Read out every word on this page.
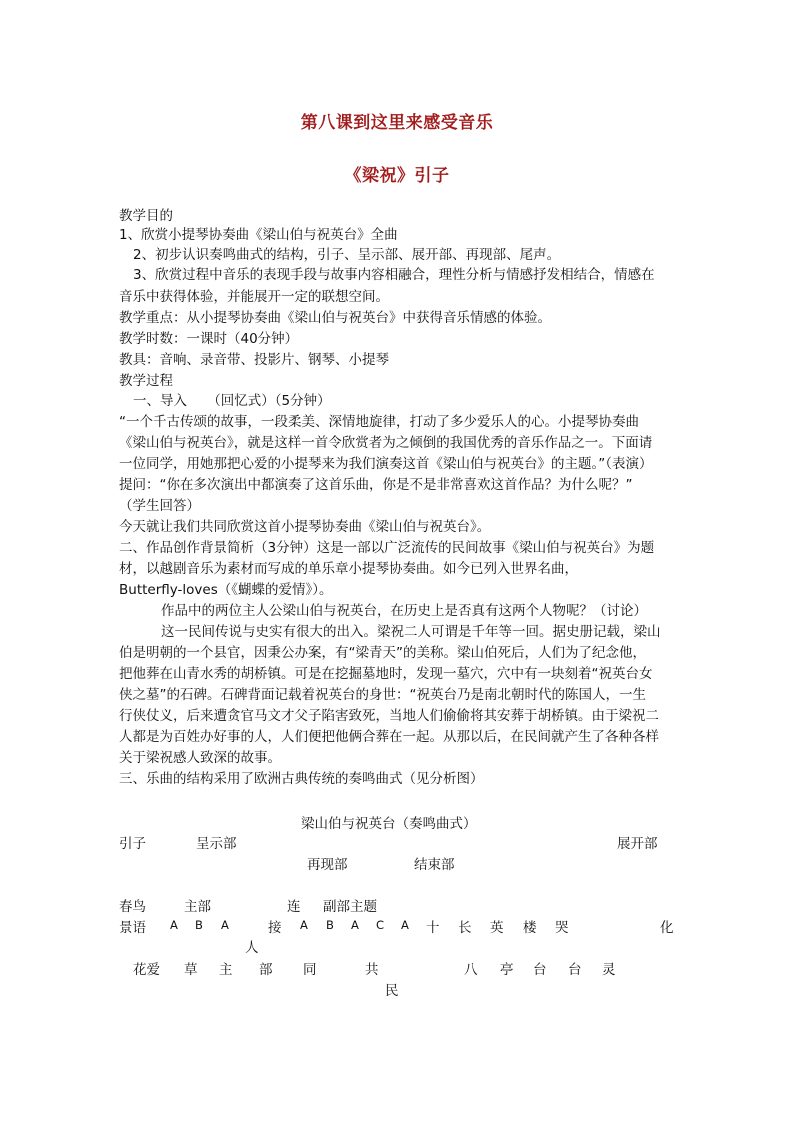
第八课到这里来感受音乐
《梁祝》引子
教学目的
1、欣赏小提琴协奏曲《梁山伯与祝英台》全曲
2、初步认识奏鸣曲式的结构，引子、呈示部、展开部、再现部、尾声。
3、欣赏过程中音乐的表现手段与故事内容相融合，理性分析与情感抒发相结合，情感在
音乐中获得体验，并能展开一定的联想空间。
教学重点：从小提琴协奏曲《梁山伯与祝英台》中获得音乐情感的体验。
教学时数：一课时（40分钟）
教具：音响、录音带、投影片、钢琴、小提琴
教学过程
一、导入　　（回忆式）（5分钟）
“一个千古传颂的故事，一段柔美、深情地旋律，打动了多少爱乐人的心。小提琴协奏曲
《梁山伯与祝英台》，就是这样一首令欣赏者为之倾倒的我国优秀的音乐作品之一。下面请
一位同学，用她那把心爱的小提琴来为我们演奏这首《梁山伯与祝英台》的主题。”（表演）
提问：“你在多次演出中都演奏了这首乐曲，你是不是非常喜欢这首作品？为什么呢？”
（学生回答）
今天就让我们共同欣赏这首小提琴协奏曲《梁山伯与祝英台》。
二、作品创作背景简析（3分钟）这是一部以广泛流传的民间故事《梁山伯与祝英台》为题
材，以越剧音乐为素材而写成的单乐章小提琴协奏曲。如今已列入世界名曲，
Butterfly-loves（《蝴蝶的爱情》）。
作品中的两位主人公梁山伯与祝英台，在历史上是否真有这两个人物呢？（讨论）
这一民间传说与史实有很大的出入。梁祝二人可谓是千年等一回。据史册记载，梁山
伯是明朝的一个县官，因秉公办案，有“梁青天”的美称。梁山伯死后，人们为了纪念他，
把他葬在山青水秀的胡桥镇。可是在挖掘墓地时，发现一墓穴，穴中有一块刻着“祝英台女
侠之墓”的石碑。石碑背面记载着祝英台的身世：“祝英台乃是南北朝时代的陈国人，一生
行侠仗义，后来遭贪官马文才父子陷害致死，当地人们偷偷将其安葬于胡桥镇。由于梁祝二
人都是为百姓办好事的人，人们便把他俩合葬在一起。从那以后，在民间就产生了各种各样
关于梁祝感人致深的故事。
三、乐曲的结构采用了欧洲古典传统的奏鸣曲式（见分析图）
梁山伯与祝英台（奏鸣曲式）
引子	呈示部	展开部
再现部	结束部
春鸟	主部	连 副部主题
景语 A B A	接 A B A C A 十 长 英 楼 哭	化
人
花爱 草 主 部 同	共	八 亭 台 台 灵
民
